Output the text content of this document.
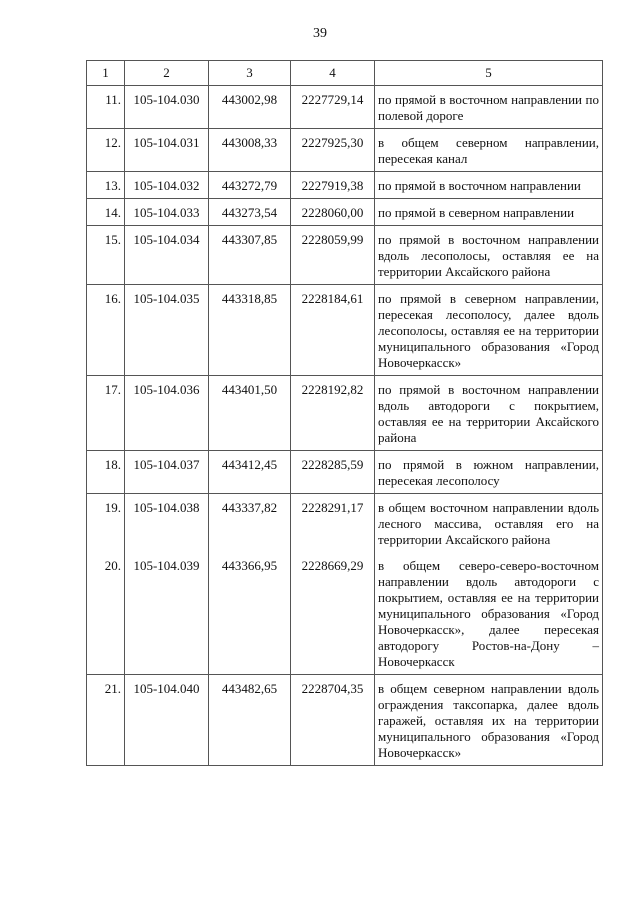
39
1	2	3	4	5
11.	105-104.030	443002,98	2227729,14	по прямой в восточном направлении по полевой дороге
12.	105-104.031	443008,33	2227925,30	в общем северном направлении, пересекая канал
13.	105-104.032	443272,79	2227919,38	по прямой в восточном направлении
14.	105-104.033	443273,54	2228060,00	по прямой в северном направлении
15.	105-104.034	443307,85	2228059,99	по прямой в восточном направлении вдоль лесополосы, оставляя ее на территории Аксайского района
16.	105-104.035	443318,85	2228184,61	по прямой в северном направлении, пересекая лесополосу, далее вдоль лесополосы, оставляя ее на территории муниципального образования «Город Новочеркасск»
17.	105-104.036	443401,50	2228192,82	по прямой в восточном направлении вдоль автодороги с покрытием, оставляя ее на территории Аксайского района
18.	105-104.037	443412,45	2228285,59	по прямой в южном направлении, пересекая лесополосу
19.	105-104.038	443337,82	2228291,17	в общем восточном направлении вдоль лесного массива, оставляя его на территории Аксайского района
20.	105-104.039	443366,95	2228669,29	в общем северо-северо-восточном направлении вдоль автодороги с покрытием, оставляя ее на территории муниципального образования «Город Новочеркасск», далее пересекая автодорогу Ростов-на-Дону – Новочеркасск
21.	105-104.040	443482,65	2228704,35	в общем северном направлении вдоль ограждения таксопарка, далее вдоль гаражей, оставляя их на территории муниципального образования «Город Новочеркасск»
